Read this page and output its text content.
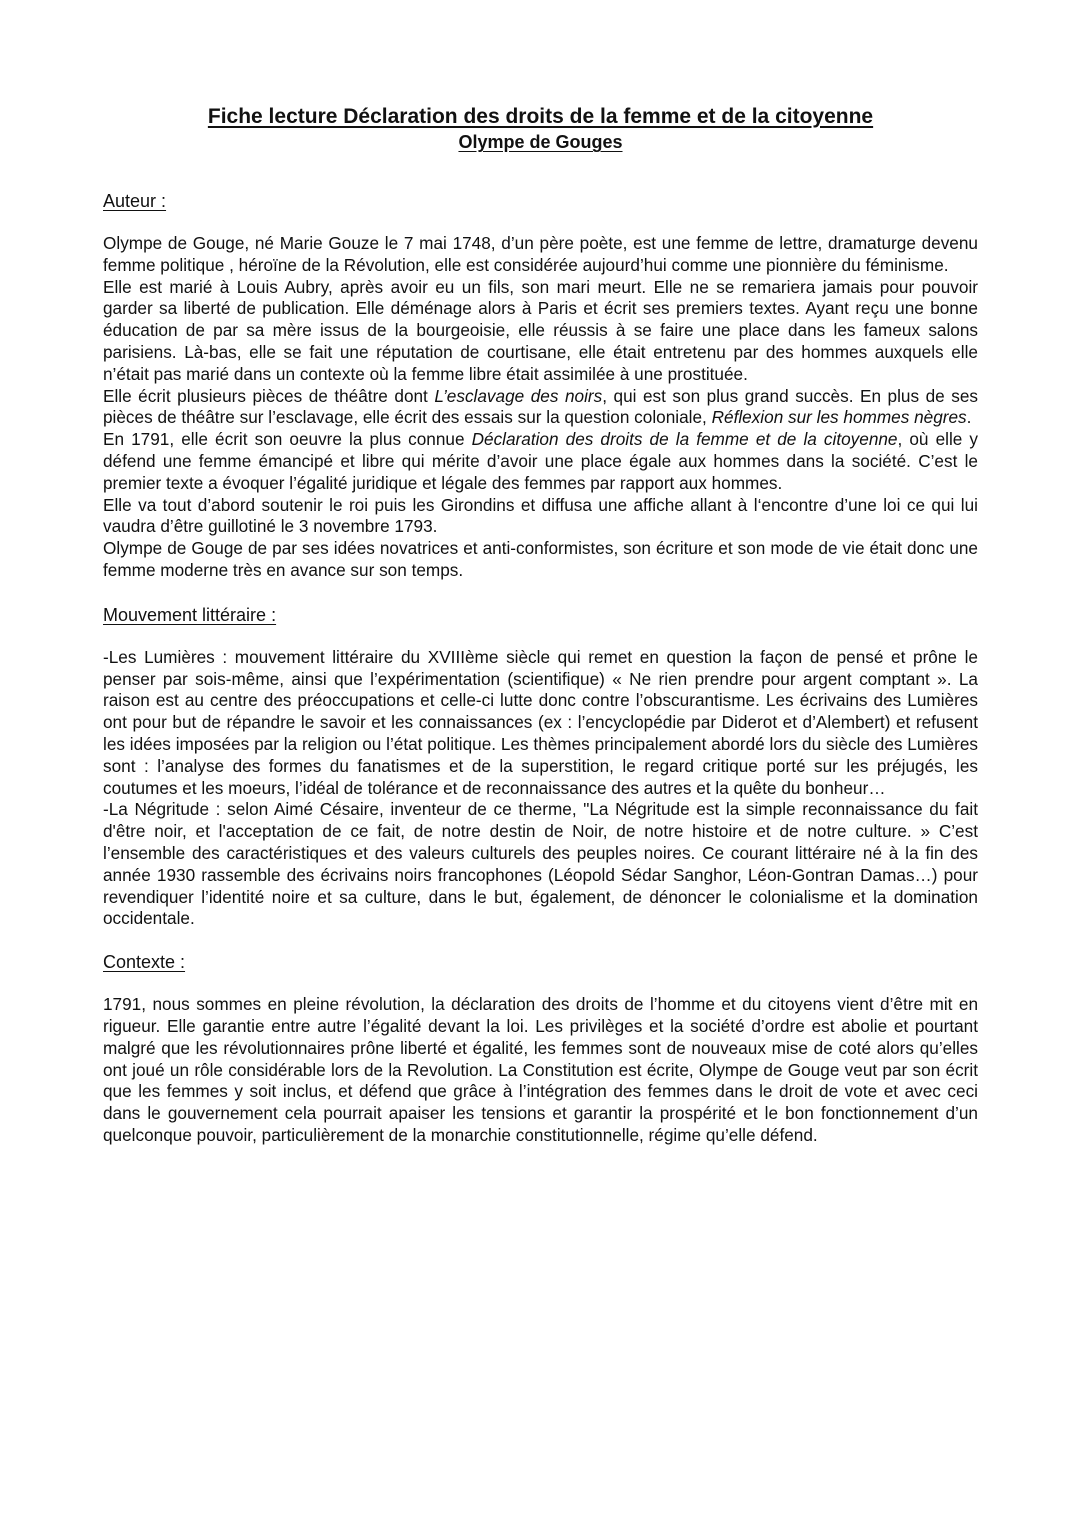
Fiche lecture Déclaration des droits de la femme et de la citoyenne
Olympe de Gouges

Auteur :

Olympe de Gouge, né Marie Gouze le 7 mai 1748, d’un père poète, est une femme de lettre, dramaturge devenu femme politique , héroïne de la Révolution, elle est considérée aujourd’hui comme une pionnière du féminisme.

Elle est marié à Louis Aubry, après avoir eu un fils, son mari meurt. Elle ne se remariera jamais pour pouvoir garder sa liberté de publication. Elle déménage alors à Paris et écrit ses premiers textes. Ayant reçu une bonne éducation de par sa mère issus de la bourgeoisie, elle réussis à se faire une place dans les fameux salons parisiens. Là-bas, elle se fait une réputation de courtisane, elle était entretenu par des hommes auxquels elle n’était pas marié dans un contexte où la femme libre était assimilée à une prostituée.

Elle écrit plusieurs pièces de théâtre dont L’esclavage des noirs, qui est son plus grand succès. En plus de ses pièces de théâtre sur l’esclavage, elle écrit des essais sur la question coloniale, Réflexion sur les hommes nègres.

En 1791, elle écrit son oeuvre la plus connue Déclaration des droits de la femme et de la citoyenne, où elle y défend une femme émancipé et libre qui mérite d’avoir une place égale aux hommes dans la société. C’est le premier texte a évoquer l’égalité juridique et légale des femmes par rapport aux hommes.

Elle va tout d’abord soutenir le roi puis les Girondins et diffusa une affiche allant à l‘encontre d’une loi ce qui lui vaudra d’être guillotiné le 3 novembre 1793.

Olympe de Gouge de par ses idées novatrices et anti-conformistes, son écriture et son mode de vie était donc une femme moderne très en avance sur son temps.

Mouvement littéraire :

-Les Lumières : mouvement littéraire du XVIIIème siècle qui remet en question la façon de pensé et prône le penser par sois-même, ainsi que l’expérimentation (scientifique) « Ne rien prendre pour argent comptant ». La raison est au centre des préoccupations et celle-ci lutte donc contre l’obscurantisme. Les écrivains des Lumières ont pour but de répandre le savoir et les connaissances (ex : l’encyclopédie par Diderot et d’Alembert) et refusent les idées imposées par la religion ou l’état politique. Les thèmes principalement abordé lors du siècle des Lumières sont : l’analyse des formes du fanatismes et de la superstition, le regard critique porté sur les préjugés, les coutumes et les moeurs, l’idéal de tolérance et de reconnaissance des autres et la quête du bonheur…

-La Négritude : selon Aimé Césaire, inventeur de ce therme, "La Négritude est la simple reconnaissance du fait d'être noir, et l'acceptation de ce fait, de notre destin de Noir, de notre histoire et de notre culture. » C’est l’ensemble des caractéristiques et des valeurs culturels des peuples noires. Ce courant littéraire né à la fin des année 1930 rassemble des écrivains noirs francophones (Léopold Sédar Sanghor, Léon-Gontran Damas…) pour revendiquer l’identité noire et sa culture, dans le but, également, de dénoncer le colonialisme et la domination occidentale.

Contexte :

1791, nous sommes en pleine révolution, la déclaration des droits de l’homme et du citoyens vient d’être mit en rigueur. Elle garantie entre autre l’égalité devant la loi. Les privilèges et la société d’ordre est abolie et pourtant malgré que les révolutionnaires prône liberté et égalité, les femmes sont de nouveaux mise de coté alors qu’elles ont joué un rôle considérable lors de la Revolution. La Constitution est écrite, Olympe de Gouge veut par son écrit que les femmes y soit inclus, et défend que grâce à l’intégration des femmes dans le droit de vote et avec ceci dans le gouvernement cela pourrait apaiser les tensions et garantir la prospérité et le bon fonctionnement d’un quelconque pouvoir, particulièrement de la monarchie constitutionnelle, régime qu’elle défend.
